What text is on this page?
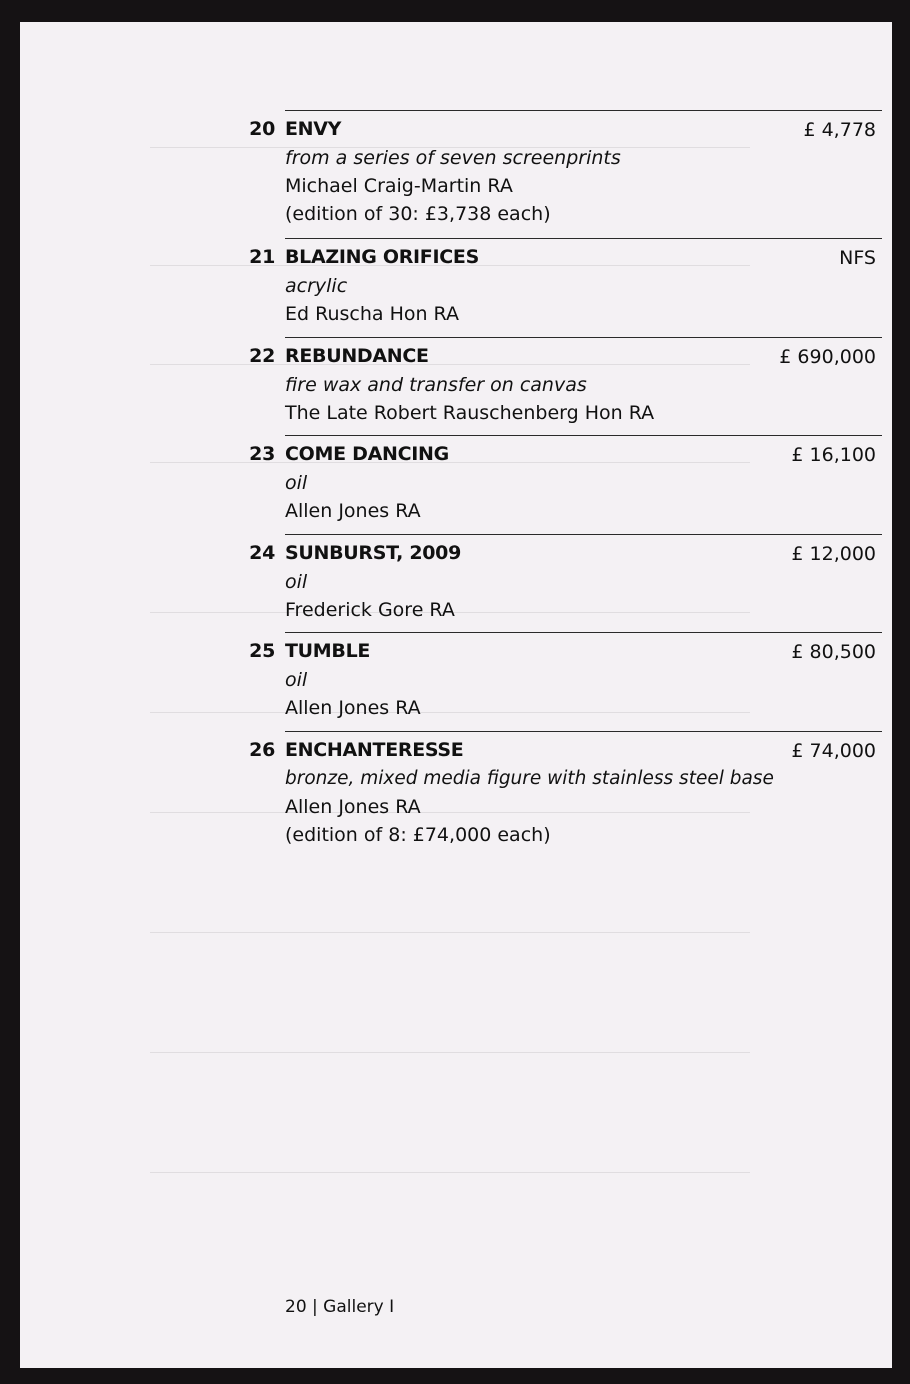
20 ENVY	£ 4,778
from a series of seven screenprints
Michael Craig-Martin RA
(edition of 30: £3,738 each)
21 BLAZING ORIFICES	NFS
acrylic
Ed Ruscha Hon RA
22 REBUNDANCE	£ 690,000
fire wax and transfer on canvas
The Late Robert Rauschenberg Hon RA
23 COME DANCING	£ 16,100
oil
Allen Jones RA
24 SUNBURST, 2009	£ 12,000
oil
Frederick Gore RA
25 TUMBLE	£ 80,500
oil
Allen Jones RA
26 ENCHANTERESSE	£ 74,000
bronze, mixed media figure with stainless steel base
Allen Jones RA
(edition of 8: £74,000 each)
20 | Gallery I
